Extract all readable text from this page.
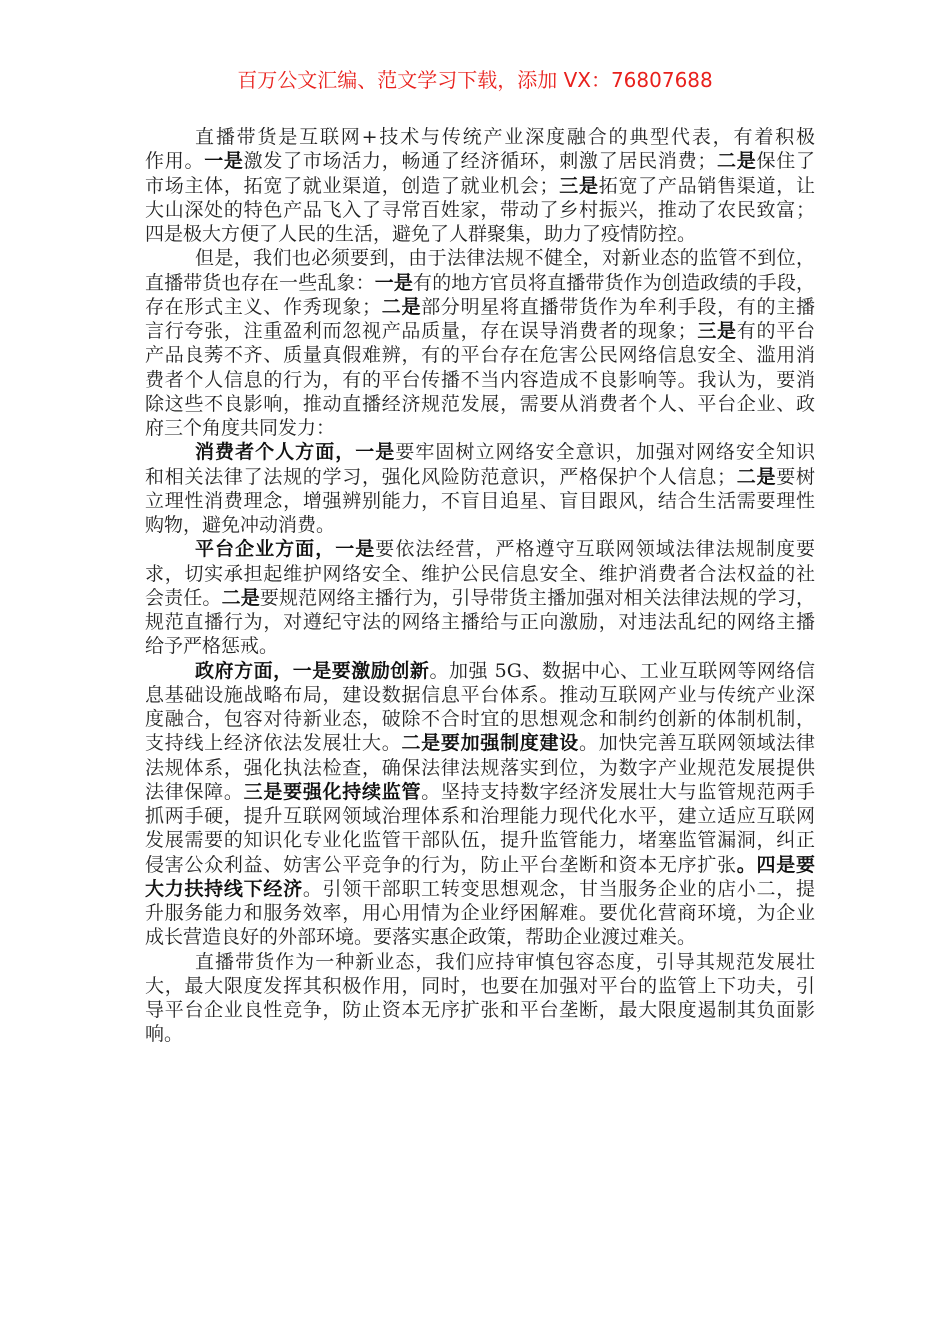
百万公文汇编、范文学习下载，添加 VX：76807688
直播带货是互联网+技术与传统产业深度融合的典型代表，有着积极
作用。一是激发了市场活力，畅通了经济循环，刺激了居民消费；二是保住了
市场主体，拓宽了就业渠道，创造了就业机会；三是拓宽了产品销售渠道，让
大山深处的特色产品飞入了寻常百姓家，带动了乡村振兴，推动了农民致富；
四是极大方便了人民的生活，避免了人群聚集，助力了疫情防控。
但是，我们也必须要到，由于法律法规不健全，对新业态的监管不到位，
直播带货也存在一些乱象：一是有的地方官员将直播带货作为创造政绩的手段，
存在形式主义、作秀现象；二是部分明星将直播带货作为牟利手段，有的主播
言行夸张，注重盈利而忽视产品质量，存在误导消费者的现象；三是有的平台
产品良莠不齐、质量真假难辨，有的平台存在危害公民网络信息安全、滥用消
费者个人信息的行为，有的平台传播不当内容造成不良影响等。我认为，要消
除这些不良影响，推动直播经济规范发展，需要从消费者个人、平台企业、政
府三个角度共同发力：
消费者个人方面，一是要牢固树立网络安全意识，加强对网络安全知识
和相关法律了法规的学习，强化风险防范意识，严格保护个人信息；二是要树
立理性消费理念，增强辨别能力，不盲目追星、盲目跟风，结合生活需要理性
购物，避免冲动消费。
平台企业方面，一是要依法经营，严格遵守互联网领域法律法规制度要
求，切实承担起维护网络安全、维护公民信息安全、维护消费者合法权益的社
会责任。二是要规范网络主播行为，引导带货主播加强对相关法律法规的学习，
规范直播行为，对遵纪守法的网络主播给与正向激励，对违法乱纪的网络主播
给予严格惩戒。
政府方面，一是要激励创新。加强 5G、数据中心、工业互联网等网络信
息基础设施战略布局，建设数据信息平台体系。推动互联网产业与传统产业深
度融合，包容对待新业态，破除不合时宜的思想观念和制约创新的体制机制，
支持线上经济依法发展壮大。二是要加强制度建设。加快完善互联网领域法律
法规体系，强化执法检查，确保法律法规落实到位，为数字产业规范发展提供
法律保障。三是要强化持续监管。坚持支持数字经济发展壮大与监管规范两手
抓两手硬，提升互联网领域治理体系和治理能力现代化水平，建立适应互联网
发展需要的知识化专业化监管干部队伍，提升监管能力，堵塞监管漏洞，纠正
侵害公众利益、妨害公平竞争的行为，防止平台垄断和资本无序扩张。四是要
大力扶持线下经济。引领干部职工转变思想观念，甘当服务企业的店小二，提
升服务能力和服务效率，用心用情为企业纾困解难。要优化营商环境，为企业
成长营造良好的外部环境。要落实惠企政策，帮助企业渡过难关。
直播带货作为一种新业态，我们应持审慎包容态度，引导其规范发展壮
大，最大限度发挥其积极作用，同时，也要在加强对平台的监管上下功夫，引
导平台企业良性竞争，防止资本无序扩张和平台垄断，最大限度遏制其负面影
响。
